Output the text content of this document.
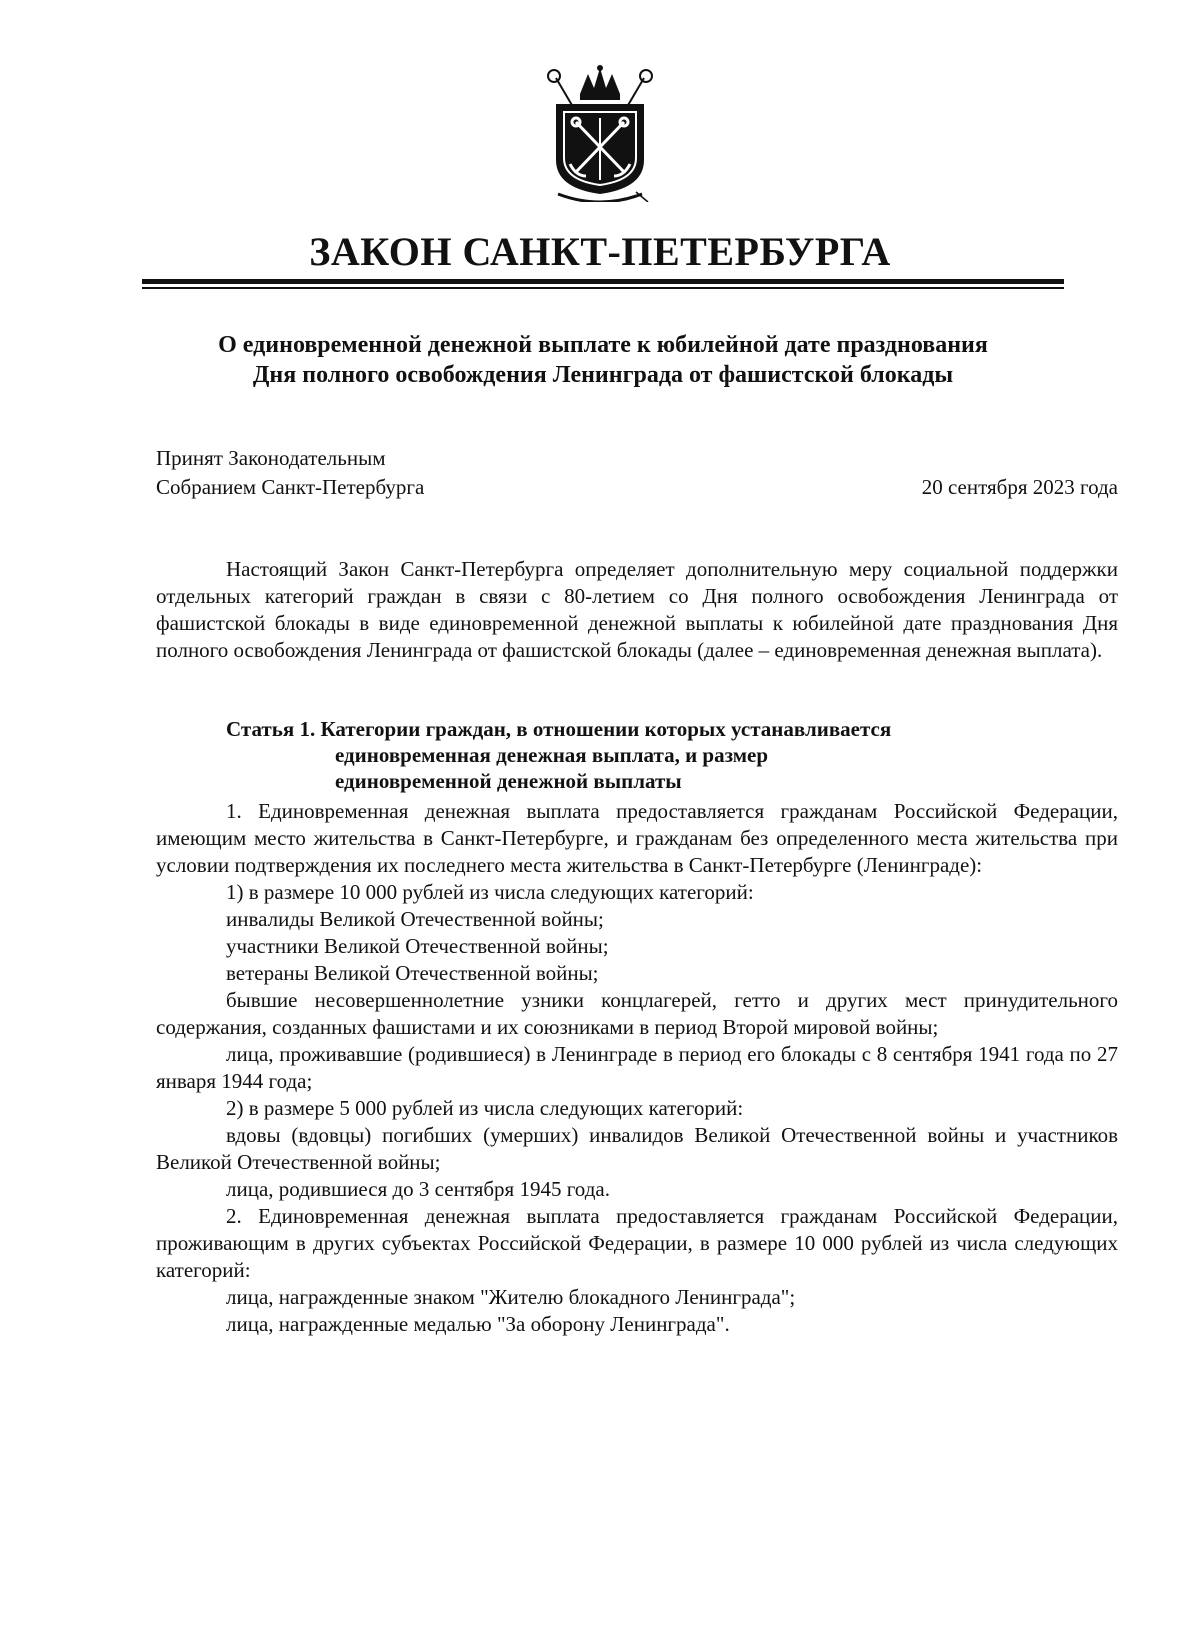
ЗАКОН САНКТ-ПЕТЕРБУРГА
О единовременной денежной выплате к юбилейной дате празднования
Дня полного освобождения Ленинграда от фашистской блокады
Принят Законодательным
Собранием Санкт-Петербурга	20 сентября 2023 года
Настоящий Закон Санкт-Петербурга определяет дополнительную меру социальной поддержки отдельных категорий граждан в связи с 80-летием со Дня полного освобождения Ленинграда от фашистской блокады в виде единовременной денежной выплаты к юбилейной дате празднования Дня полного освобождения Ленинграда от фашистской блокады (далее – единовременная денежная выплата).
Статья 1. Категории граждан, в отношении которых устанавливается
единовременная денежная выплата, и размер
единовременной денежной выплаты

1. Единовременная денежная выплата предоставляется гражданам Российской Федерации, имеющим место жительства в Санкт-Петербурге, и гражданам без определенного места жительства при условии подтверждения их последнего места жительства в Санкт-Петербурге (Ленинграде):

1) в размере 10 000 рублей из числа следующих категорий:

инвалиды Великой Отечественной войны;

участники Великой Отечественной войны;

ветераны Великой Отечественной войны;

бывшие несовершеннолетние узники концлагерей, гетто и других мест принудительного содержания, созданных фашистами и их союзниками в период Второй мировой войны;

лица, проживавшие (родившиеся) в Ленинграде в период его блокады с 8 сентября 1941 года по 27 января 1944 года;

2) в размере 5 000 рублей из числа следующих категорий:

вдовы (вдовцы) погибших (умерших) инвалидов Великой Отечественной войны и участников Великой Отечественной войны;

лица, родившиеся до 3 сентября 1945 года.

2. Единовременная денежная выплата предоставляется гражданам Российской Федерации, проживающим в других субъектах Российской Федерации, в размере 10 000 рублей из числа следующих категорий:

лица, награжденные знаком "Жителю блокадного Ленинграда";

лица, награжденные медалью "За оборону Ленинграда".
